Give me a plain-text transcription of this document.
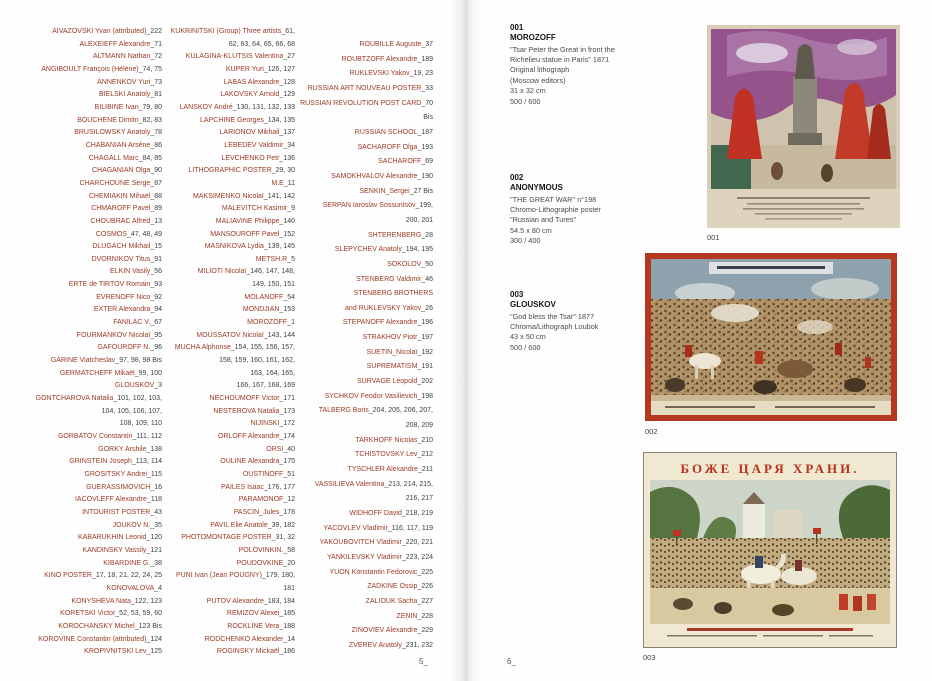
AIVAZOVSKI Yvan (attributed)_222
ALEXEIEFF Alexandre_71
ALTMANN Nathan_72
ANGIBOULT François (Hélène)_74, 75
ANNENKOV Yuri_73
BIELSKI Anatoly_81
BILIBINE Ivan_79, 80
BOUCHENE Dimitri_82, 83
BRUSILOWSKY Anatoly_78
CHABANIAN Arsène_86
CHAGALL Marc_84, 85
CHAGANIAN Olga_90
CHARCHOUNE Serge_87
CHEMIAKIN Mihaël_88
CHMAROFF Pavel_89
CHOUBRAC Alfred_13
COSMOS_47, 48, 49
DLUGACH Mikhail_15
DVORNIKOV Titus_91
ELKIN Vasily_56
ERTE de TIRTOV Romain_93
EVRENOFF Nico_92
EXTER Alexandra_94
FANILAC V._67
FOURMANKOV Nicolaï_95
GAFOUROFF N._96
GARINE Viatcheslav_97, 98, 98 Bis
GERMATCHEFF Mikaël_99, 100
GLOUSKOV_3
GONTCHAROVA Natalia_101, 102, 103,
104, 105, 106, 107,
108, 109, 110
GORBATOV Constantin_111, 112
GORKY Arshile_138
GRINSTEIN Joseph_113, 114
GROSITSKY Andrei_115
GUERASSIMOVICH_16
IACOVLEFF Alexandre_118
INTOURIST POSTER_43
JOUKOV N._35
KABARUKHIN Leonid_120
KANDINSKY Vassily_121
KIBARDINE G._38
KINO POSTER_17, 18, 21, 22, 24, 25
KONOVALOVA_4
KONYSHEVA Nata_122, 123
KORETSKI Victor_52, 53, 59, 60
KOROCHANSKY Michel_123 Bis
KOROVINE Constantin (attributed)_124
KROPIVNITSKI Lev_125
KUKRINITSKI (Group) Three artists_61,
62, 63, 64, 65, 66, 68
KULAGINA-KLUTSIS Valentina_27
KUPER Yuri_126, 127
LABAS Alexandre_128
LAKOVSKY Arnold_129
LANSKOY André_130, 131, 132, 133
LAPCHINE Georges_134, 135
LARIONOV Mikhail_137
LEBEDEV Valdimir_34
LEVCHENKO Petr_136
LITHOGRAPHIC POSTER_29, 30
M.E_11
MAKSIMENKO Nicolaï_141, 142
MALEVITCH Kasimir_9
MALIAVINE Philippe_140
MANSOUROFF Pavel_152
MASNIKOVA Lydia_139, 145
METSH.R_5
MILIOTI Nicolaï_146, 147, 148,
149, 150, 151
MOLANOFF_54
MONDJIAN_153
MOROZOFF_1
MOUSSATOV Nicolaï_143, 144
MUCHA Alphonse_154, 155, 156, 157,
158, 159, 160, 161, 162,
163, 164, 165,
166, 167, 168, 169
NECHOUMOFF Victor_171
NESTEROVA Natalia_173
NIJINSKI_172
ORLOFF Alexandre_174
ORSI_40
OULINE Alexandra_175
OUSTINOFF_51
PAILES Isaac_176, 177
PARAMONOF_12
PASCIN_Jules_178
PAVIL Elie Anatole_39, 182
PHOTOMONTAGE POSTER_31, 32
POLOVINKIN._58
POUDOVKINE_20
PUNI Ivan (Jean POUGNY)_179, 180,
181
PUTOV Alexandre_183, 184
REMIZOV Alexei_185
ROCKLINE Vera_188
RODCHENKO Alexander_14
ROGINSKY Mickaël_186
ROUBILLE Auguste_37
ROUBTZOFF Alexandre_189
RUKLEVSKI Yakov_19, 23
RUSSIAN ART NOUVEAU POSTER_33
RUSSIAN REVOLUTION POST CARD_70
Bis
RUSSIAN SCHOOL_187
SACHAROFF Olga_193
SACHAROFF_69
SAMOKHVALOV Alexandre_190
SENKIN_Sergei_27 Bis
SERPAN Iaroslav Sossuntsov_199,
200, 201
SHTERENBERG_28
SLEPYCHEV Anatoly_194, 195
SOKOLOV_50
STENBERG Valdimir_46
STENBERG BROTHERS
and RUKLEVSKY Yakov_26
STEPANOFF Alexandre_196
STRAKHOV Piotr_197
SUETIN_Nicolaï_192
SUPREMATISM_191
SURVAGE Léopold_202
SYCHKOV Feodor Vasilievich_198
TALBERG Boris_204, 205, 206, 207,
208, 209
TARKHOFF Nicolas_210
TCHISTOVSKY Lev_212
TYSCHLER Alexandre_211
VASSILIEVA Valentina_213, 214, 215,
216, 217
WIDHOFF David_218, 219
YACOVLEV Vladimir_116, 117, 119
YAKOUBOVITCH Vladimir_220, 221
YANKILEVSKY Vladimir_223, 224
YUON Konstantin Fedorovic_225
ZADKINE Ossip_226
ZALIOUK Sacha_227
ZENIN_228
ZINOVIEV Alexandre_229
ZVEREV Anatoly_231, 232
001
MOROZOFF
"Tsar Peter the Great in front the
Richelieu statue in Paris" 1871
Original lithograph
(Moscow editors)
31 x 32 cm
500 / 600
002
ANONYMOUS
"THE GREAT WAR" n°198
Chromo-Lithographie poster
"Russian and Tures"
54.5 x 80 cm
300 / 400
003
GLOUSKOV
"God bless the Tsar" 1877
Chroma/Lithograph Loubok
43 x 50 cm
500 / 600
001
002
БОЖЕ ЦАРЯ ХРАНИ.
003
5_	6_
